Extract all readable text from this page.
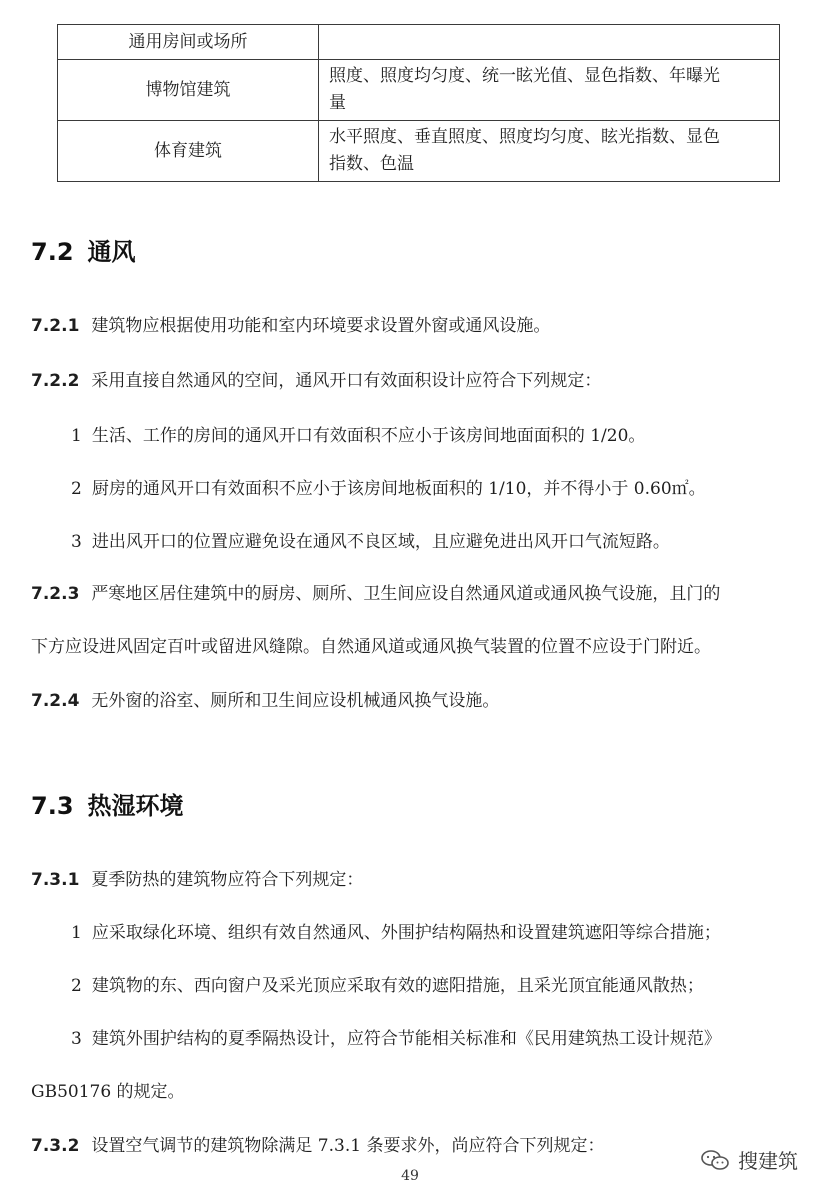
通用房间或场所	
博物馆建筑	照度、照度均匀度、统一眩光值、显色指数、年曝光
量
体育建筑	水平照度、垂直照度、照度均匀度、眩光指数、显色
指数、色温
7.2 通风
7.2.1 建筑物应根据使用功能和室内环境要求设置外窗或通风设施。
7.2.2 采用直接自然通风的空间，通风开口有效面积设计应符合下列规定：
1 生活、工作的房间的通风开口有效面积不应小于该房间地面面积的 1/20。
2 厨房的通风开口有效面积不应小于该房间地板面积的 1/10，并不得小于 0.60㎡。
3 进出风开口的位置应避免设在通风不良区域，且应避免进出风开口气流短路。
7.2.3 严寒地区居住建筑中的厨房、厕所、卫生间应设自然通风道或通风换气设施，且门的
下方应设进风固定百叶或留进风缝隙。自然通风道或通风换气装置的位置不应设于门附近。
7.2.4 无外窗的浴室、厕所和卫生间应设机械通风换气设施。
7.3 热湿环境
7.3.1 夏季防热的建筑物应符合下列规定：
1 应采取绿化环境、组织有效自然通风、外围护结构隔热和设置建筑遮阳等综合措施；
2 建筑物的东、西向窗户及采光顶应采取有效的遮阳措施，且采光顶宜能通风散热；
3 建筑外围护结构的夏季隔热设计，应符合节能相关标准和《民用建筑热工设计规范》
GB50176 的规定。
7.3.2 设置空气调节的建筑物除满足 7.3.1 条要求外，尚应符合下列规定：
49
搜建筑
